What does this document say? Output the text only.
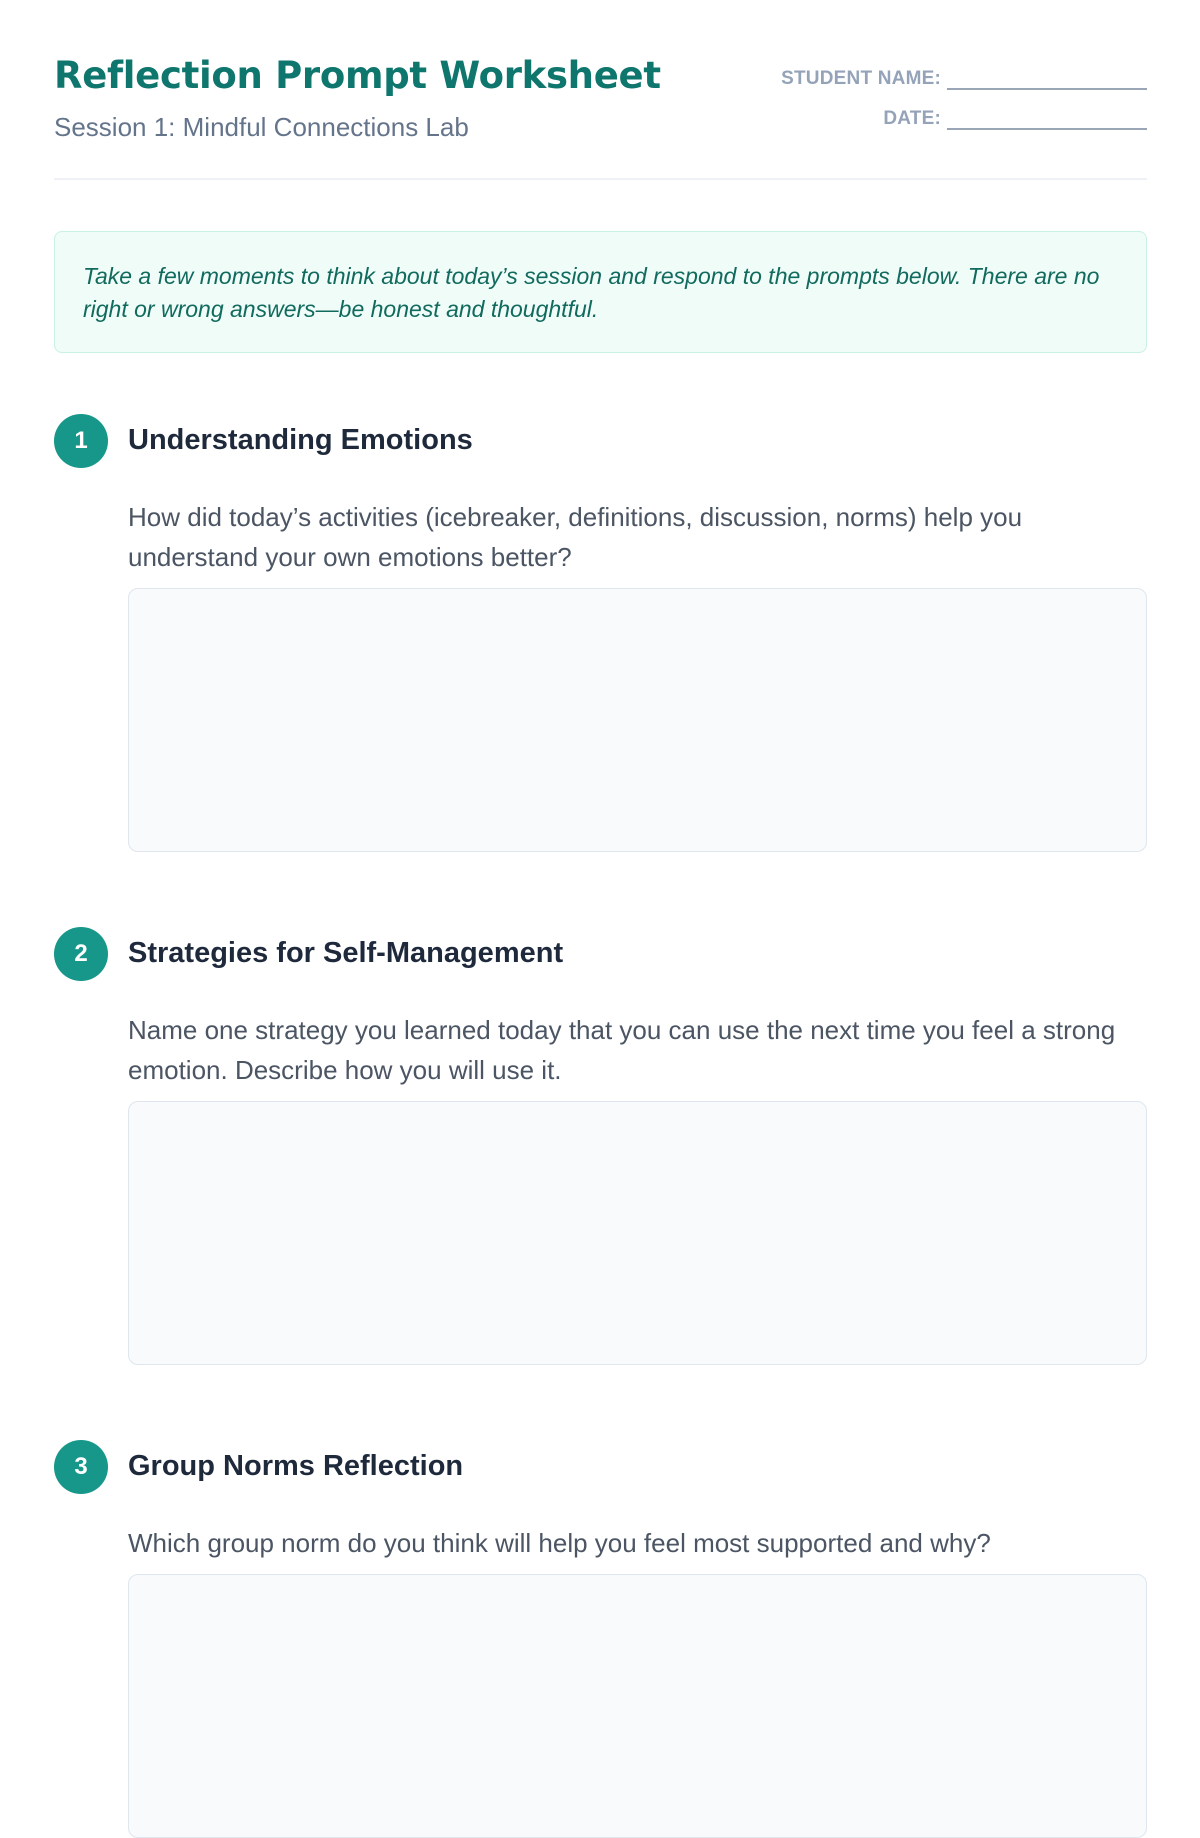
Reflection Prompt Worksheet
Session 1: Mindful Connections Lab
STUDENT NAME:
DATE:

Take a few moments to think about today’s session and respond to the prompts below. There are no right or wrong answers—be honest and thoughtful.

1	Understanding Emotions

How did today’s activities (icebreaker, definitions, discussion, norms) help you understand your own emotions better?

2	Strategies for Self-Management

Name one strategy you learned today that you can use the next time you feel a strong emotion. Describe how you will use it.

3	Group Norms Reflection

Which group norm do you think will help you feel most supported and why?
